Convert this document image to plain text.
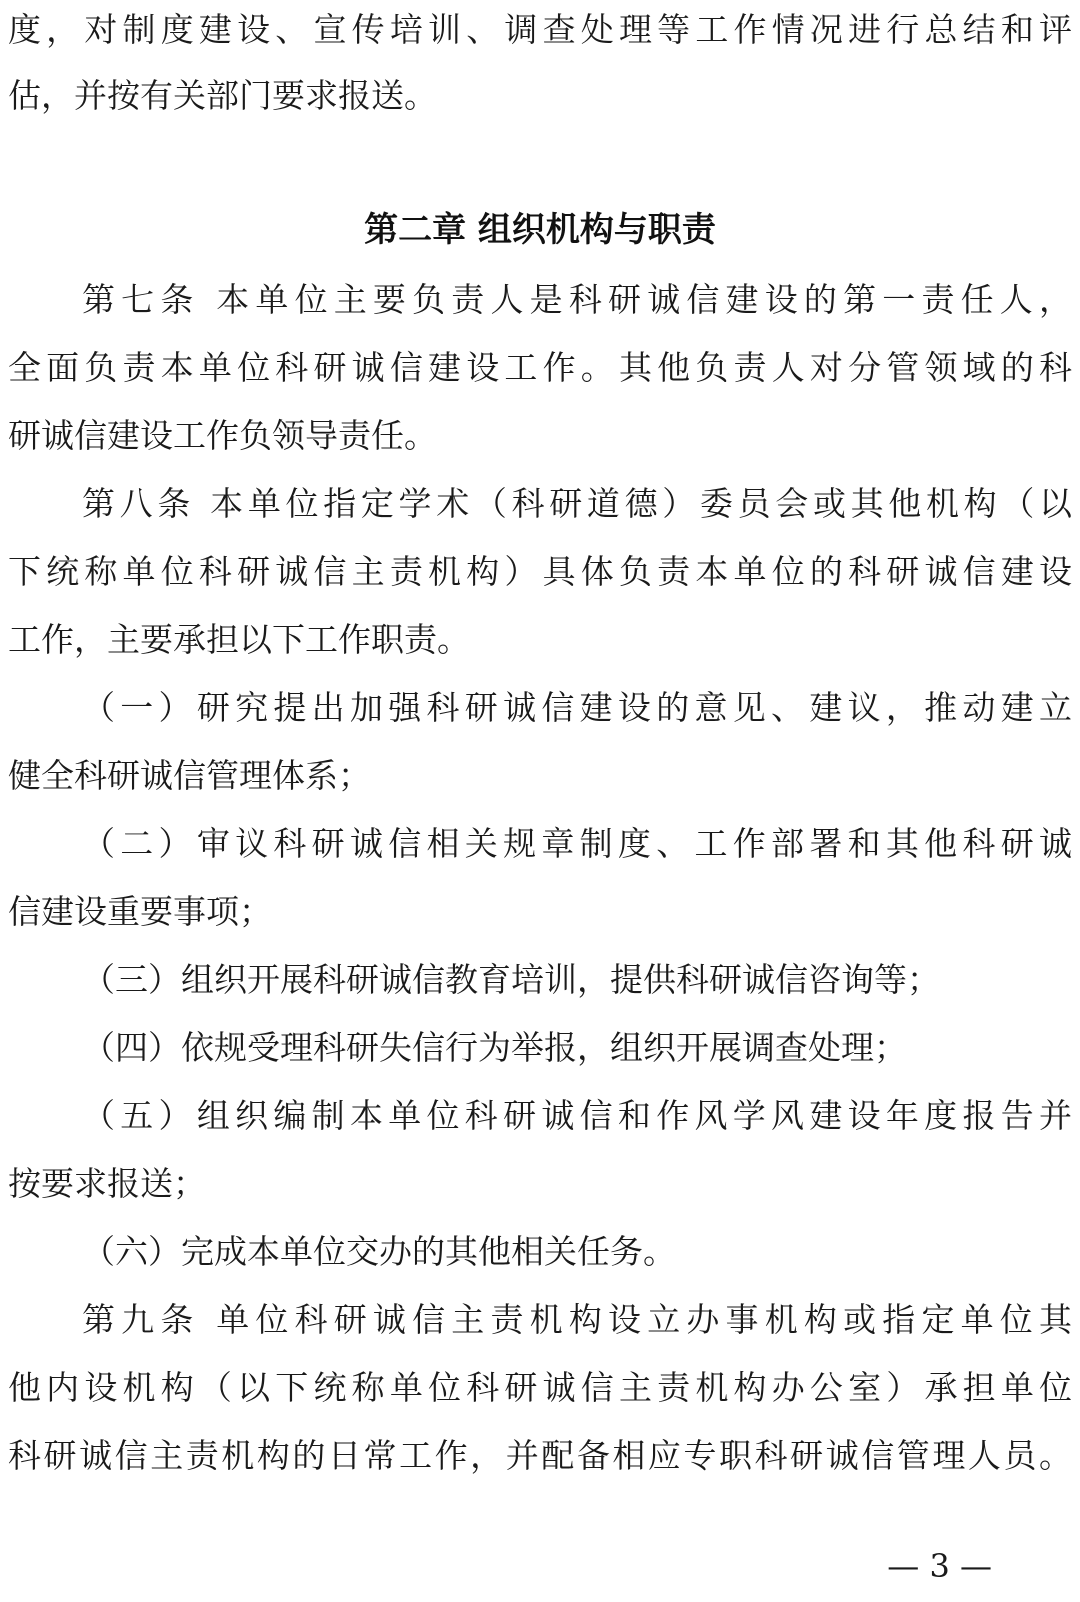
度，对制度建设、宣传培训、调查处理等工作情况进行总结和评
估，并按有关部门要求报送。
第二章 组织机构与职责
第七条 本单位主要负责人是科研诚信建设的第一责任人，
全面负责本单位科研诚信建设工作。其他负责人对分管领域的科
研诚信建设工作负领导责任。
第八条 本单位指定学术（科研道德）委员会或其他机构（以
下统称单位科研诚信主责机构）具体负责本单位的科研诚信建设
工作，主要承担以下工作职责。
（一）研究提出加强科研诚信建设的意见、建议，推动建立
健全科研诚信管理体系；
（二）审议科研诚信相关规章制度、工作部署和其他科研诚
信建设重要事项；
（三）组织开展科研诚信教育培训，提供科研诚信咨询等；
（四）依规受理科研失信行为举报，组织开展调查处理；
（五）组织编制本单位科研诚信和作风学风建设年度报告并
按要求报送；
（六）完成本单位交办的其他相关任务。
第九条 单位科研诚信主责机构设立办事机构或指定单位其
他内设机构（以下统称单位科研诚信主责机构办公室）承担单位
科研诚信主责机构的日常工作，并配备相应专职科研诚信管理人员。
— 3 —
